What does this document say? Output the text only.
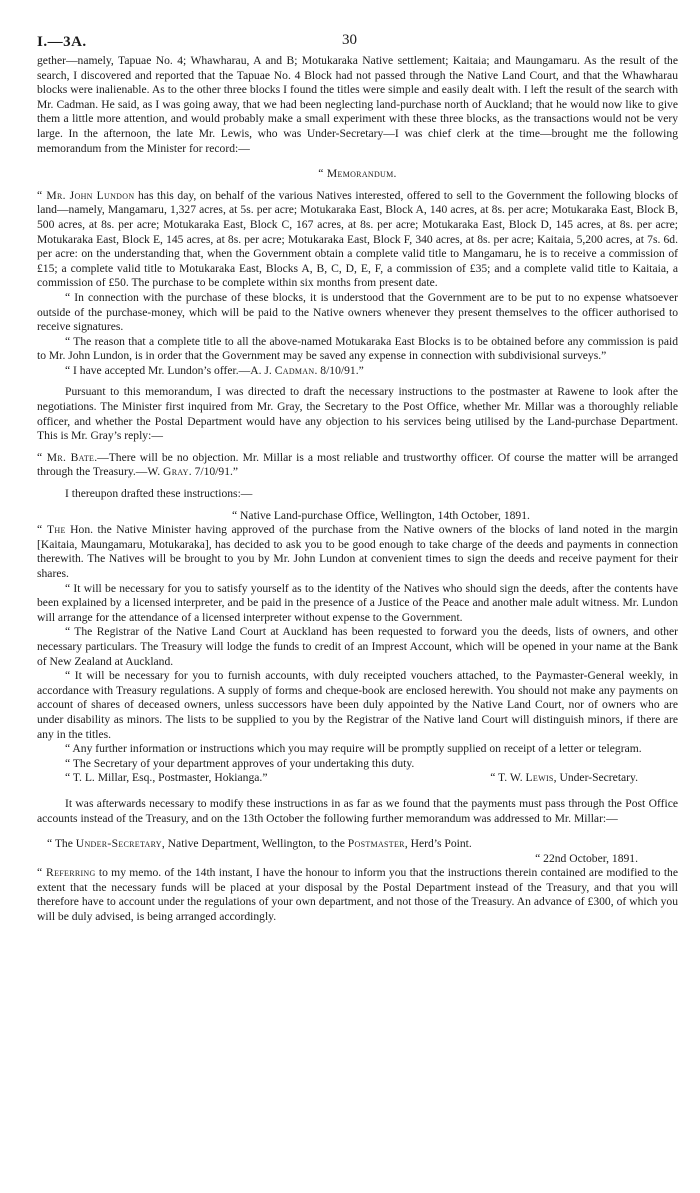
I.—3A.	30

gether—namely, Tapuae No. 4; Whawharau, A and B; Motukaraka Native settlement; Kaitaia; and Maungamaru. As the result of the search, I discovered and reported that the Tapuae No. 4 Block had not passed through the Native Land Court, and that the Whawharau blocks were inalienable. As to the other three blocks I found the titles were simple and easily dealt with. I left the result of the search with Mr. Cadman. He said, as I was going away, that we had been neglecting land-purchase north of Auckland; that he would now like to give them a little more attention, and would probably make a small experiment with these three blocks, as the transactions would not be very large. In the afternoon, the late Mr. Lewis, who was Under-Secretary—I was chief clerk at the time—brought me the following memorandum from the Minister for record:—

“ Memorandum.

“ Mr. John Lundon has this day, on behalf of the various Natives interested, offered to sell to the Government the following blocks of land—namely, Mangamaru, 1,327 acres, at 5s. per acre; Motukaraka East, Block A, 140 acres, at 8s. per acre; Motukaraka East, Block B, 500 acres, at 8s. per acre; Motukaraka East, Block C, 167 acres, at 8s. per acre; Motukaraka East, Block D, 145 acres, at 8s. per acre; Motukaraka East, Block E, 145 acres, at 8s. per acre; Motukaraka East, Block F, 340 acres, at 8s. per acre; Kaitaia, 5,200 acres, at 7s. 6d. per acre: on the understanding that, when the Government obtain a complete valid title to Mangamaru, he is to receive a commission of £15; a complete valid title to Motukaraka East, Blocks A, B, C, D, E, F, a commission of £35; and a complete valid title to Kaitaia, a commission of £50. The purchase to be complete within six months from present date.

“ In connection with the purchase of these blocks, it is understood that the Government are to be put to no expense whatsoever outside of the purchase-money, which will be paid to the Native owners whenever they present themselves to the officer authorised to receive signatures.

“ The reason that a complete title to all the above-named Motukaraka East Blocks is to be obtained before any commission is paid to Mr. John Lundon, is in order that the Government may be saved any expense in connection with subdivisional surveys.”

“ I have accepted Mr. Lundon’s offer.—A. J. Cadman. 8/10/91.”

Pursuant to this memorandum, I was directed to draft the necessary instructions to the postmaster at Rawene to look after the negotiations. The Minister first inquired from Mr. Gray, the Secretary to the Post Office, whether Mr. Millar was a thoroughly reliable officer, and whether the Postal Department would have any objection to his services being utilised by the Land-purchase Department. This is Mr. Gray’s reply:—

“ Mr. Bate.—There will be no objection. Mr. Millar is a most reliable and trustworthy officer. Of course the matter will be arranged through the Treasury.—W. Gray. 7/10/91.”

I thereupon drafted these instructions:—

“ Native Land-purchase Office, Wellington, 14th October, 1891.

“ The Hon. the Native Minister having approved of the purchase from the Native owners of the blocks of land noted in the margin [Kaitaia, Maungamaru, Motukaraka], has decided to ask you to be good enough to take charge of the deeds and payments in connection therewith. The Natives will be brought to you by Mr. John Lundon at convenient times to sign the deeds and receive payment for their shares.

“ It will be necessary for you to satisfy yourself as to the identity of the Natives who should sign the deeds, after the contents have been explained by a licensed interpreter, and be paid in the presence of a Justice of the Peace and another male adult witness. Mr. Lundon will arrange for the attendance of a licensed interpreter without expense to the Government.

“ The Registrar of the Native Land Court at Auckland has been requested to forward you the deeds, lists of owners, and other necessary particulars. The Treasury will lodge the funds to credit of an Imprest Account, which will be opened in your name at the Bank of New Zealand at Auckland.

“ It will be necessary for you to furnish accounts, with duly receipted vouchers attached, to the Paymaster-General weekly, in accordance with Treasury regulations. A supply of forms and cheque-book are enclosed herewith. You should not make any payments on account of shares of deceased owners, unless successors have been duly appointed by the Native Land Court, nor of owners who are under disability as minors. The lists to be supplied to you by the Registrar of the Native land Court will distinguish minors, if there are any in the titles.

“ Any further information or instructions which you may require will be promptly supplied on receipt of a letter or telegram.

“ The Secretary of your department approves of your undertaking this duty.

“ T. L. Millar, Esq., Postmaster, Hokianga.”	“ T. W. Lewis, Under-Secretary.

It was afterwards necessary to modify these instructions in as far as we found that the payments must pass through the Post Office accounts instead of the Treasury, and on the 13th October the following further memorandum was addressed to Mr. Millar:—

“ The Under-Secretary, Native Department, Wellington, to the Postmaster, Herd’s Point.

“ 22nd October, 1891.

“ Referring to my memo. of the 14th instant, I have the honour to inform you that the instructions therein contained are modified to the extent that the necessary funds will be placed at your disposal by the Postal Department instead of the Treasury, and that you will therefore have to account under the regulations of your own department, and not those of the Treasury. An advance of £300, of which you will be duly advised, is being arranged accordingly.
